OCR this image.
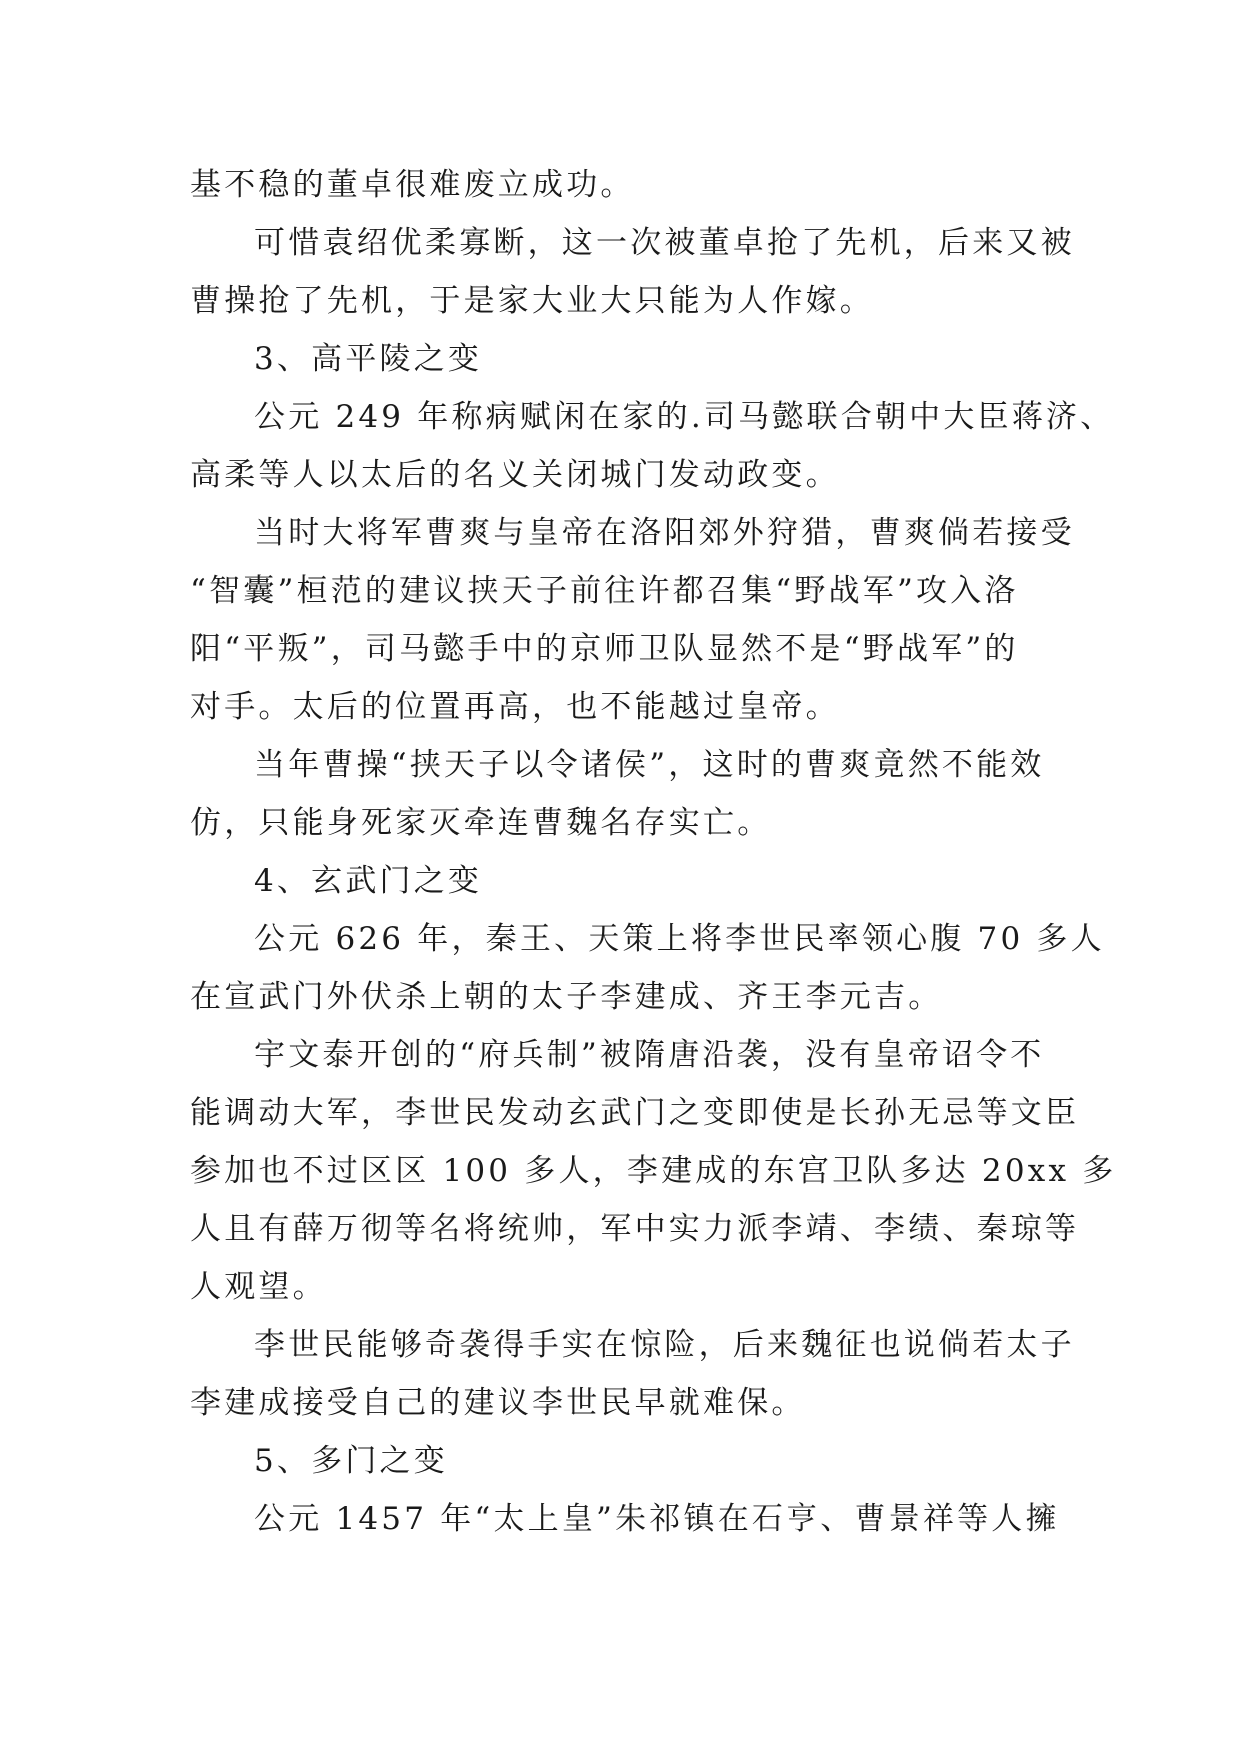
基不稳的董卓很难废立成功。
可惜袁绍优柔寡断，这一次被董卓抢了先机，后来又被
曹操抢了先机，于是家大业大只能为人作嫁。
3、高平陵之变
公元 249 年称病赋闲在家的.司马懿联合朝中大臣蒋济、
高柔等人以太后的名义关闭城门发动政变。
当时大将军曹爽与皇帝在洛阳郊外狩猎，曹爽倘若接受
“智囊”桓范的建议挟天子前往许都召集“野战军”攻入洛
阳“平叛”，司马懿手中的京师卫队显然不是“野战军”的
对手。太后的位置再高，也不能越过皇帝。
当年曹操“挟天子以令诸侯”，这时的曹爽竟然不能效
仿，只能身死家灭牵连曹魏名存实亡。
4、玄武门之变
公元 626 年，秦王、天策上将李世民率领心腹 70 多人
在宣武门外伏杀上朝的太子李建成、齐王李元吉。
宇文泰开创的“府兵制”被隋唐沿袭，没有皇帝诏令不
能调动大军，李世民发动玄武门之变即使是长孙无忌等文臣
参加也不过区区 100 多人，李建成的东宫卫队多达 20xx 多
人且有薛万彻等名将统帅，军中实力派李靖、李绩、秦琼等
人观望。
李世民能够奇袭得手实在惊险，后来魏征也说倘若太子
李建成接受自己的建议李世民早就难保。
5、多门之变
公元 1457 年“太上皇”朱祁镇在石亨、曹景祥等人擁
